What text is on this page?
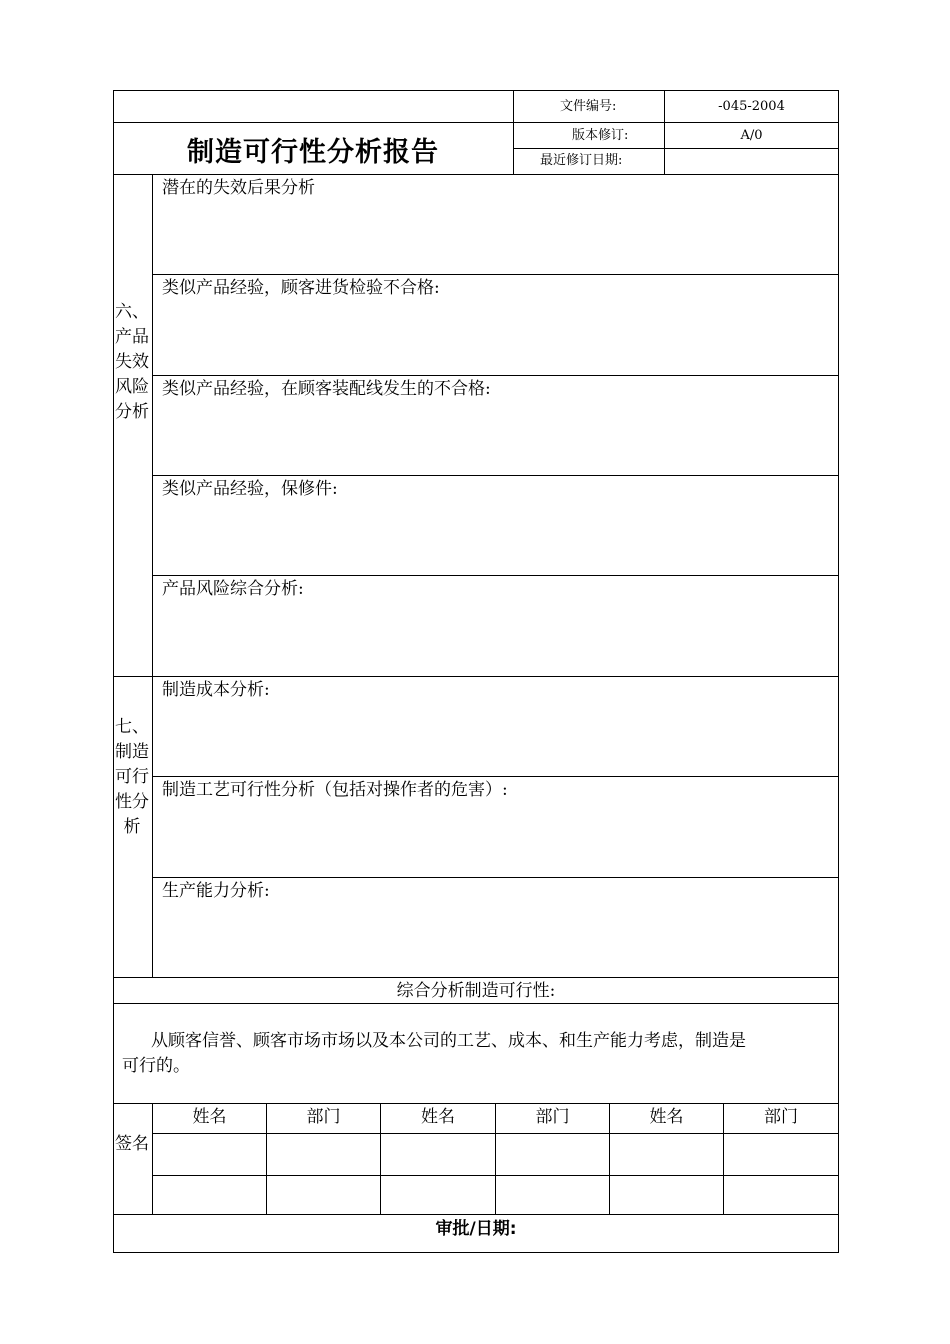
制造可行性分析报告
文件编号:	-045-2004
版本修订:	A/0
最近修订日期:
六、产品失效风险分析
潜在的失效后果分析
类似产品经验，顾客进货检验不合格:
类似产品经验，在顾客装配线发生的不合格:
类似产品经验，保修件:
产品风险综合分析:
七、制造可行性分析
制造成本分析:
制造工艺可行性分析（包括对操作者的危害）:
生产能力分析:
综合分析制造可行性:
从顾客信誉、顾客市场市场以及本公司的工艺、成本、和生产能力考虑，制造是
可行的。
签名
姓名	部门	姓名	部门	姓名	部门
审批/日期:
